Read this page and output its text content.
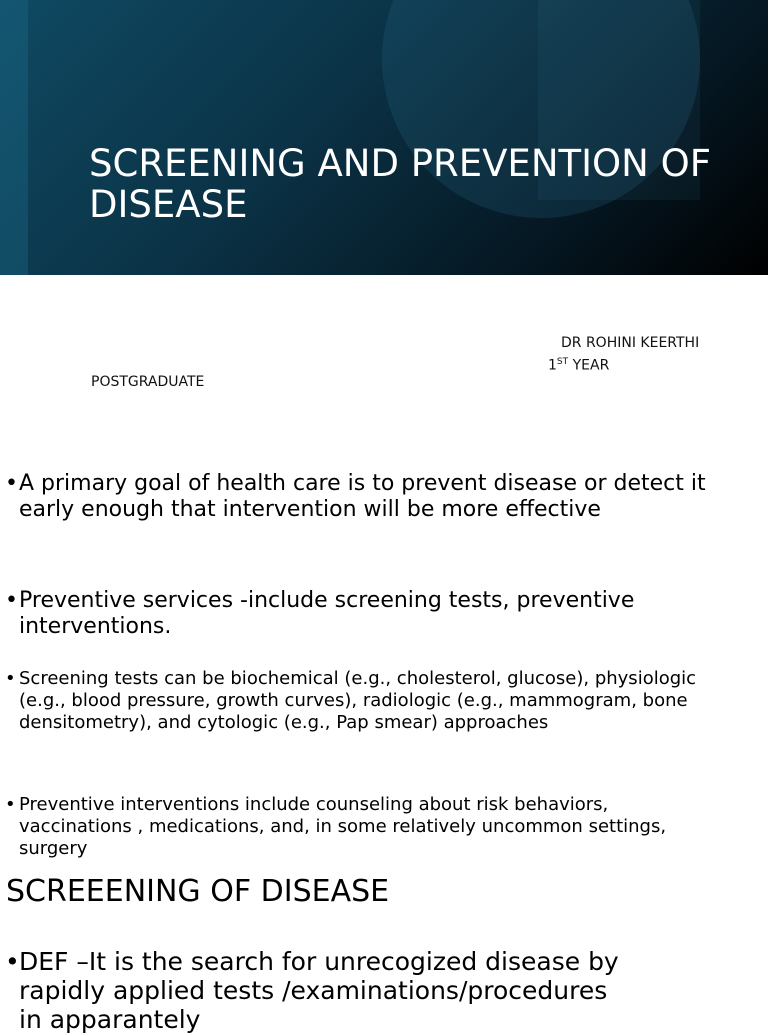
SCREENING AND PREVENTION OF DISEASE
DR ROHINI KEERTHI
1ST YEAR
POSTGRADUATE
• A primary goal of health care is to prevent disease or detect it early enough that intervention will be more effective
• Preventive services -include screening tests, preventive interventions.
• Screening tests can be biochemical (e.g., cholesterol, glucose), physiologic (e.g., blood pressure, growth curves), radiologic (e.g., mammogram, bone densitometry), and cytologic (e.g., Pap smear) approaches
• Preventive interventions include counseling about risk behaviors, vaccinations , medications, and, in some relatively uncommon settings, surgery
SCREEENING OF DISEASE
• DEF –It is the search for unrecogized disease by rapidly applied tests /examinations/procedures in apparantely
